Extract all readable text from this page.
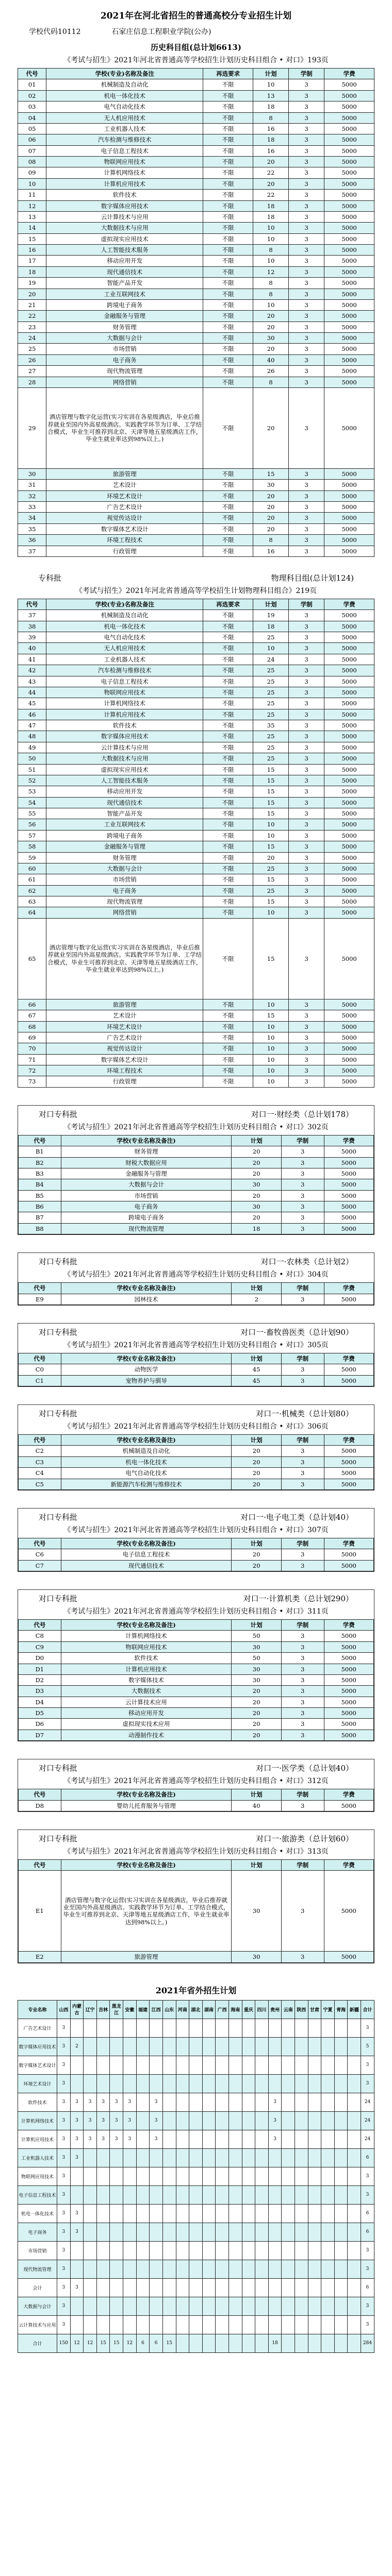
2021年在河北省招生的普通高校分专业招生计划
学校代码10112	石家庄信息工程职业学院(公办)
历史科目组(总计划6613)
《考试与招生》2021年河北省普通高等学校招生计划历史科目组合 • 对口》193页
代号	学校(专业)名称及备注	再选要求	计划	学制	学费
01	机械制造及自动化	不限	10	3	5000
02	机电一体化技术	不限	13	3	5000
03	电气自动化技术	不限	18	3	5000
04	无人机应用技术	不限	8	3	5000
05	工业机器人技术	不限	16	3	5000
06	汽车检测与维修技术	不限	18	3	5000
07	电子信息工程技术	不限	16	3	5000
08	物联网应用技术	不限	20	3	5000
09	计算机网络技术	不限	22	3	5000
10	计算机应用技术	不限	20	3	5000
11	软件技术	不限	22	3	5000
12	数字媒体应用技术	不限	18	3	5000
13	云计算技术与应用	不限	18	3	5000
14	大数据技术与应用	不限	10	3	5000
15	虚拟现实应用技术	不限	10	3	5000
16	人工智能技术服务	不限	8	3	5000
17	移动应用开发	不限	10	3	5000
18	现代通信技术	不限	12	3	5000
19	智能产品开发	不限	8	3	5000
20	工业互联网技术	不限	8	3	5000
21	跨境电子商务	不限	10	3	5000
22	金融服务与管理	不限	20	3	5000
23	财务管理	不限	20	3	5000
24	大数据与会计	不限	30	3	5000
25	市场营销	不限	20	3	5000
26	电子商务	不限	40	3	5000
27	现代物流管理	不限	26	3	5000
28	网络营销	不限	8	3	5000
29	酒店管理与数字化运营(实习实训在各星级酒店，毕业后推荐就业至国内外高星级酒店。实践教学环节为订单、工学结合模式，毕业生可推荐到北京、天津等地五星级酒店工作，毕业生就业率达到98%以上。)	不限	20	3	5000
30	旅游管理	不限	15	3	5000
31	艺术设计	不限	30	3	5000
32	环境艺术设计	不限	20	3	5000
33	广告艺术设计	不限	20	3	5000
34	视觉传达设计	不限	20	3	5000
35	数字媒体艺术设计	不限	20	3	5000
36	环境工程技术	不限	8	3	5000
37	行政管理	不限	16	3	5000
专科批	物理科目组(总计划124)
《考试与招生》2021年河北省普通高等学校招生计划物理科目组合》219页
代号	学校(专业)名称及备注	再选要求	计划	学制	学费
37	机械制造及自动化	不限	19	3	5000
38	机电一体化技术	不限	18	3	5000
39	电气自动化技术	不限	25	3	5000
40	无人机应用技术	不限	10	3	5000
41	工业机器人技术	不限	24	3	5000
42	汽车检测与维修技术	不限	25	3	5000
43	电子信息工程技术	不限	25	3	5000
44	物联网应用技术	不限	25	3	5000
45	计算机网络技术	不限	25	3	5000
46	计算机应用技术	不限	25	3	5000
47	软件技术	不限	35	3	5000
48	数字媒体应用技术	不限	25	3	5000
49	云计算技术与应用	不限	25	3	5000
50	大数据技术与应用	不限	25	3	5000
51	虚拟现实应用技术	不限	15	3	5000
52	人工智能技术服务	不限	15	3	5000
53	移动应用开发	不限	15	3	5000
54	现代通信技术	不限	15	3	5000
55	智能产品开发	不限	15	3	5000
56	工业互联网技术	不限	10	3	5000
57	跨境电子商务	不限	10	3	5000
58	金融服务与管理	不限	15	3	5000
59	财务管理	不限	20	3	5000
60	大数据与会计	不限	25	3	5000
61	市场营销	不限	15	3	5000
62	电子商务	不限	25	3	5000
63	现代物流管理	不限	15	3	5000
64	网络营销	不限	10	3	5000
65	酒店管理与数字化运营(实习实训在各星级酒店，毕业后推荐就业至国内外高星级酒店。实践教学环节为订单、工学结合模式，毕业生可推荐到北京、天津等地五星级酒店工作，毕业生就业率达到98%以上。)	不限	15	3	5000
66	旅游管理	不限	10	3	5000
67	艺术设计	不限	15	3	5000
68	环境艺术设计	不限	10	3	5000
69	广告艺术设计	不限	10	3	5000
70	视觉传达设计	不限	10	3	5000
71	数字媒体艺术设计	不限	10	3	5000
72	环境工程技术	不限	10	3	5000
73	行政管理	不限	10	3	5000
对口专科批	对口一·财经类（总计划178）
《考试与招生》2021年河北省普通高等学校招生计划历史科目组合 • 对口》302页
代号	学校(专业名称及备注)	计划	学制	学费
B1	财务管理	20	3	5000
B2	财税大数据应用	20	3	5000
B3	金融服务与管理	20	3	5000
B4	大数据与会计	30	3	5000
B5	市场营销	20	3	5000
B6	电子商务	30	3	5000
B7	跨境电子商务	20	3	5000
B8	现代物流管理	18	3	5000
对口专科批	对口一·农林类（总计划2）
《考试与招生》2021年河北省普通高等学校招生计划历史科目组合 • 对口》304页
代号	学校(专业名称及备注)	计划	学制	学费
E9	园林技术	2	3	5000
对口专科批	对口一·畜牧兽医类（总计划90）
《考试与招生》2021年河北省普通高等学校招生计划历史科目组合 • 对口》305页
代号	学校(专业名称及备注)	计划	学制	学费
C0	动物医学	45	3	5000
C1	宠物养护与驯导	45	3	5000
对口专科批	对口一·机械类（总计划80）
《考试与招生》2021年河北省普通高等学校招生计划历史科目组合 • 对口》306页
代号	学校(专业名称及备注)	计划	学制	学费
C2	机械制造及自动化	20	3	5000
C3	机电一体化技术	20	3	5000
C4	电气自动化技术	20	3	5000
C5	新能源汽车检测与维修技术	20	3	5000
对口专科批	对口一·电子电工类（总计划40）
《考试与招生》2021年河北省普通高等学校招生计划历史科目组合 • 对口》307页
代号	学校(专业名称及备注)	计划	学制	学费
C6	电子信息工程技术	20	3	5000
C7	现代通信技术	20	3	5000
对口专科批	对口一·计算机类（总计划290）
《考试与招生》2021年河北省普通高等学校招生计划历史科目组合 • 对口》311页
代号	学校(专业名称及备注)	计划	学制	学费
C8	计算机网络技术	50	3	5000
C9	物联网应用技术	30	3	5000
D0	软件技术	50	3	5000
D1	计算机应用技术	30	3	5000
D2	数字媒体技术	30	3	5000
D3	大数据技术	20	3	5000
D4	云计算技术应用	20	3	5000
D5	移动应用开发	20	3	5000
D6	虚拟现实技术应用	20	3	5000
D7	动漫制作技术	20	3	5000
对口专科批	对口一·医学类（总计划40）
《考试与招生》2021年河北省普通高等学校招生计划历史科目组合 • 对口》312页
代号	学校(专业名称及备注)	计划	学制	学费
D8	婴幼儿托育服务与管理	40	3	5000
对口专科批	对口一·旅游类（总计划60）
《考试与招生》2021年河北省普通高等学校招生计划历史科目组合 • 对口》313页
代号	学校(专业名称及备注)	计划	学制	学费
E1	酒店管理与数字化运营(实习实训在各星级酒店，毕业后推荐就业至国内外高星级酒店。实践教学环节为订单、工学结合模式，毕业生可推荐到北京、天津等地五星级酒店工作，毕业生就业率达到98%以上。)	30	3	5000
E2	旅游管理	30	3	5000
2021年省外招生计划
专业名称	山西	内蒙古	辽宁	吉林	黑龙江	安徽	福建	江西	山东	河南	湖北	湖南	广西	海南	重庆	四川	贵州	云南	陕西	甘肃	宁夏	青海	新疆	合计
广告艺术设计	3																							3
数字媒体应用技术	3	2																						5
数字媒体艺术设计	3																							3
环境艺术设计	3																							3
软件技术	3	3	3	3	3	3		3									3							24
计算机网络技术	3	3	3	3	3	3		3									3							24
计算机应用技术	3	3	3	3	3	3		3									3							24
工业机器人技术	3	3																						6
物联网应用技术	3																							3
电子信息工程技术	3																							3
机电一体化技术	3	3																						6
电子商务	3	3																						6
市场营销	3																							3
现代物流管理	3																							3
会计	3	3																						6
大数据与会计	3																							3
云计算技术与应用	3																							3
合计	150	12	12	15	15	12	6	6	15								18							284
